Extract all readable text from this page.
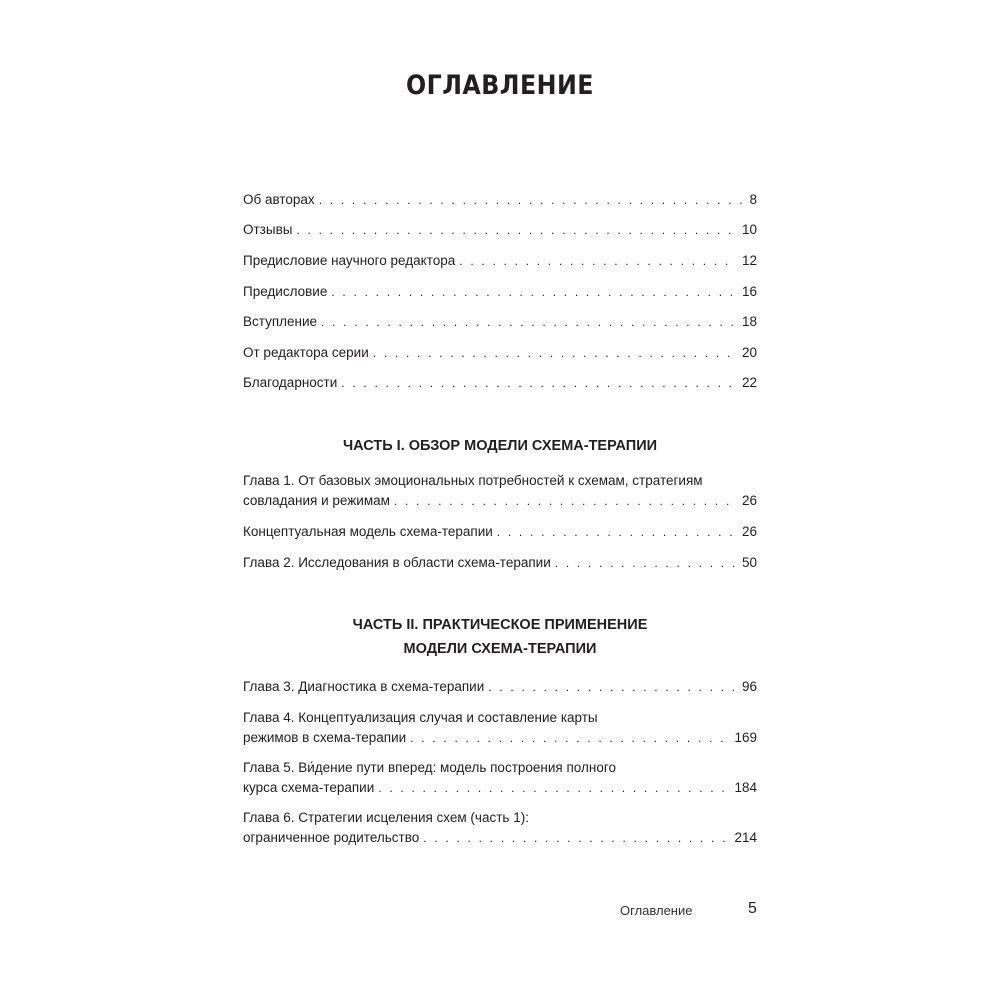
ОГЛАВЛЕНИЕ
Об авторах . . .	8
Отзывы . . .	10
Предисловие научного редактора . . .	12
Предисловие . . .	16
Вступление . . .	18
От редактора серии . . .	20
Благодарности . . .	22
ЧАСТЬ I. ОБЗОР МОДЕЛИ СХЕМА-ТЕРАПИИ
Глава 1. От базовых эмоциональных потребностей к схемам, стратегиям
совладания и режимам . . .	26
Концептуальная модель схема-терапии . . .	26
Глава 2. Исследования в области схема-терапии . . .	50
ЧАСТЬ II. ПРАКТИЧЕСКОЕ ПРИМЕНЕНИЕ
МОДЕЛИ СХЕМА-ТЕРАПИИ
Глава 3. Диагностика в схема-терапии . . .	96
Глава 4. Концептуализация случая и составление карты
режимов в схема-терапии . . .	169
Глава 5. Ви́дение пути вперед: модель построения полного
курса схема-терапии . . .	184
Глава 6. Стратегии исцеления схем (часть 1):
ограниченное родительство . . .	214
Оглавление	5
